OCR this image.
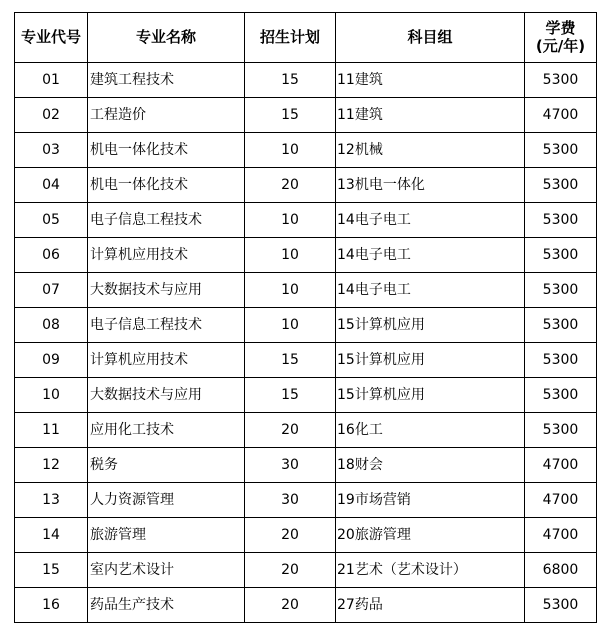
专业代号	专业名称	招生计划	科目组	学费
(元/年)

01	建筑工程技术	15	11建筑	5300
02	工程造价	15	11建筑	4700
03	机电一体化技术	10	12机械	5300
04	机电一体化技术	20	13机电一体化	5300
05	电子信息工程技术	10	14电子电工	5300
06	计算机应用技术	10	14电子电工	5300
07	大数据技术与应用	10	14电子电工	5300
08	电子信息工程技术	10	15计算机应用	5300
09	计算机应用技术	15	15计算机应用	5300
10	大数据技术与应用	15	15计算机应用	5300
11	应用化工技术	20	16化工	5300
12	税务	30	18财会	4700
13	人力资源管理	30	19市场营销	4700
14	旅游管理	20	20旅游管理	4700
15	室内艺术设计	20	21艺术（艺术设计）	6800
16	药品生产技术	20	27药品	5300
